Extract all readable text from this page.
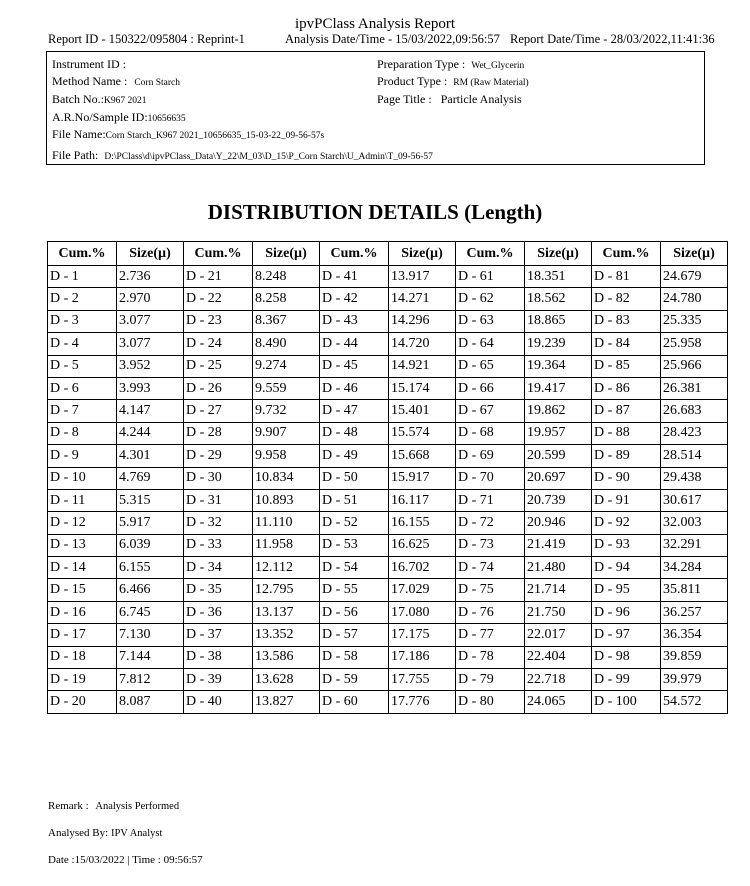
ipvPClass Analysis Report
Report ID - 150322/095804 : Reprint-1	Analysis Date/Time - 15/03/2022,09:56:57 Report Date/Time - 28/03/2022,11:41:36
Instrument ID :
Method Name : Corn Starch
Batch No.:K967 2021
A.R.No/Sample ID:10656635
File Name:Corn Starch_K967 2021_10656635_15-03-22_09-56-57s
File Path: D:\PClass\d\ipvPClass_Data\Y_22\M_03\D_15\P_Corn Starch\U_Admin\T_09-56-57
Preparation Type : Wet_Glycerin
Product Type : RM (Raw Material)
Page Title : Particle Analysis
DISTRIBUTION DETAILS (Length)
Cum.%	Size(µ)	Cum.%	Size(µ)	Cum.%	Size(µ)	Cum.%	Size(µ)	Cum.%	Size(µ)
D - 1	2.736	D - 21	8.248	D - 41	13.917	D - 61	18.351	D - 81	24.679
D - 2	2.970	D - 22	8.258	D - 42	14.271	D - 62	18.562	D - 82	24.780
D - 3	3.077	D - 23	8.367	D - 43	14.296	D - 63	18.865	D - 83	25.335
D - 4	3.077	D - 24	8.490	D - 44	14.720	D - 64	19.239	D - 84	25.958
D - 5	3.952	D - 25	9.274	D - 45	14.921	D - 65	19.364	D - 85	25.966
D - 6	3.993	D - 26	9.559	D - 46	15.174	D - 66	19.417	D - 86	26.381
D - 7	4.147	D - 27	9.732	D - 47	15.401	D - 67	19.862	D - 87	26.683
D - 8	4.244	D - 28	9.907	D - 48	15.574	D - 68	19.957	D - 88	28.423
D - 9	4.301	D - 29	9.958	D - 49	15.668	D - 69	20.599	D - 89	28.514
D - 10	4.769	D - 30	10.834	D - 50	15.917	D - 70	20.697	D - 90	29.438
D - 11	5.315	D - 31	10.893	D - 51	16.117	D - 71	20.739	D - 91	30.617
D - 12	5.917	D - 32	11.110	D - 52	16.155	D - 72	20.946	D - 92	32.003
D - 13	6.039	D - 33	11.958	D - 53	16.625	D - 73	21.419	D - 93	32.291
D - 14	6.155	D - 34	12.112	D - 54	16.702	D - 74	21.480	D - 94	34.284
D - 15	6.466	D - 35	12.795	D - 55	17.029	D - 75	21.714	D - 95	35.811
D - 16	6.745	D - 36	13.137	D - 56	17.080	D - 76	21.750	D - 96	36.257
D - 17	7.130	D - 37	13.352	D - 57	17.175	D - 77	22.017	D - 97	36.354
D - 18	7.144	D - 38	13.586	D - 58	17.186	D - 78	22.404	D - 98	39.859
D - 19	7.812	D - 39	13.628	D - 59	17.755	D - 79	22.718	D - 99	39.979
D - 20	8.087	D - 40	13.827	D - 60	17.776	D - 80	24.065	D - 100	54.572
Remark : Analysis Performed
Analysed By: IPV Analyst
Date :15/03/2022 | Time : 09:56:57
